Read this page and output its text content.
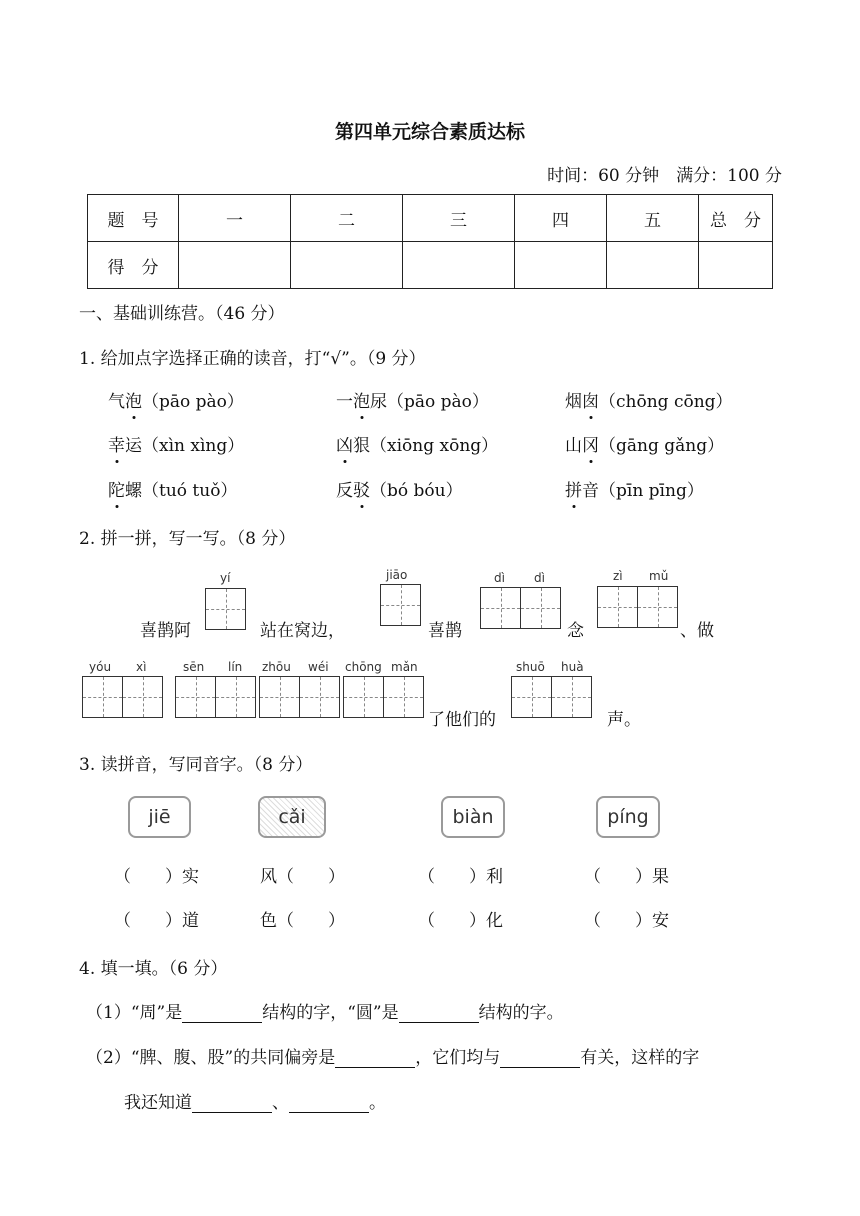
第四单元综合素质达标
时间：60 分钟　满分：100 分
题　号	一	二	三	四	五	总　分
得　分						
一、基础训练营。（46 分）
1. 给加点字选择正确的读音，打“√”。（9 分）
气泡（pāo pào）	一泡尿（pāo pào）	烟囱（chōng cōng）
幸运（xìn xìng）	凶狠（xiōng xōng）	山冈（gāng gǎng）
陀螺（tuó tuǒ）	反驳（bó bóu）	拼音（pīn pīng）
2. 拼一拼，写一写。（8 分）
yí
喜鹊阿	站在窝边，
jiāo
喜鹊
dì dì
念
zì mǔ
、做
yóu xì	sēn lín zhōu wéi chōng mǎn
了他们的
shuō huà
声。
3. 读拼音，写同音字。（8 分）
jiē	cǎi	biàn	píng
（　　）实	风（　　）	（　　）利	（　　）果
（　　）道	色（　　）	（　　）化	（　　）安
4. 填一填。（6 分）
（1）“周”是	结构的字，“圆”是	结构的字。
（2）“脾、腹、股”的共同偏旁是	，它们均与	有关，这样的字
我还知道	、	。
